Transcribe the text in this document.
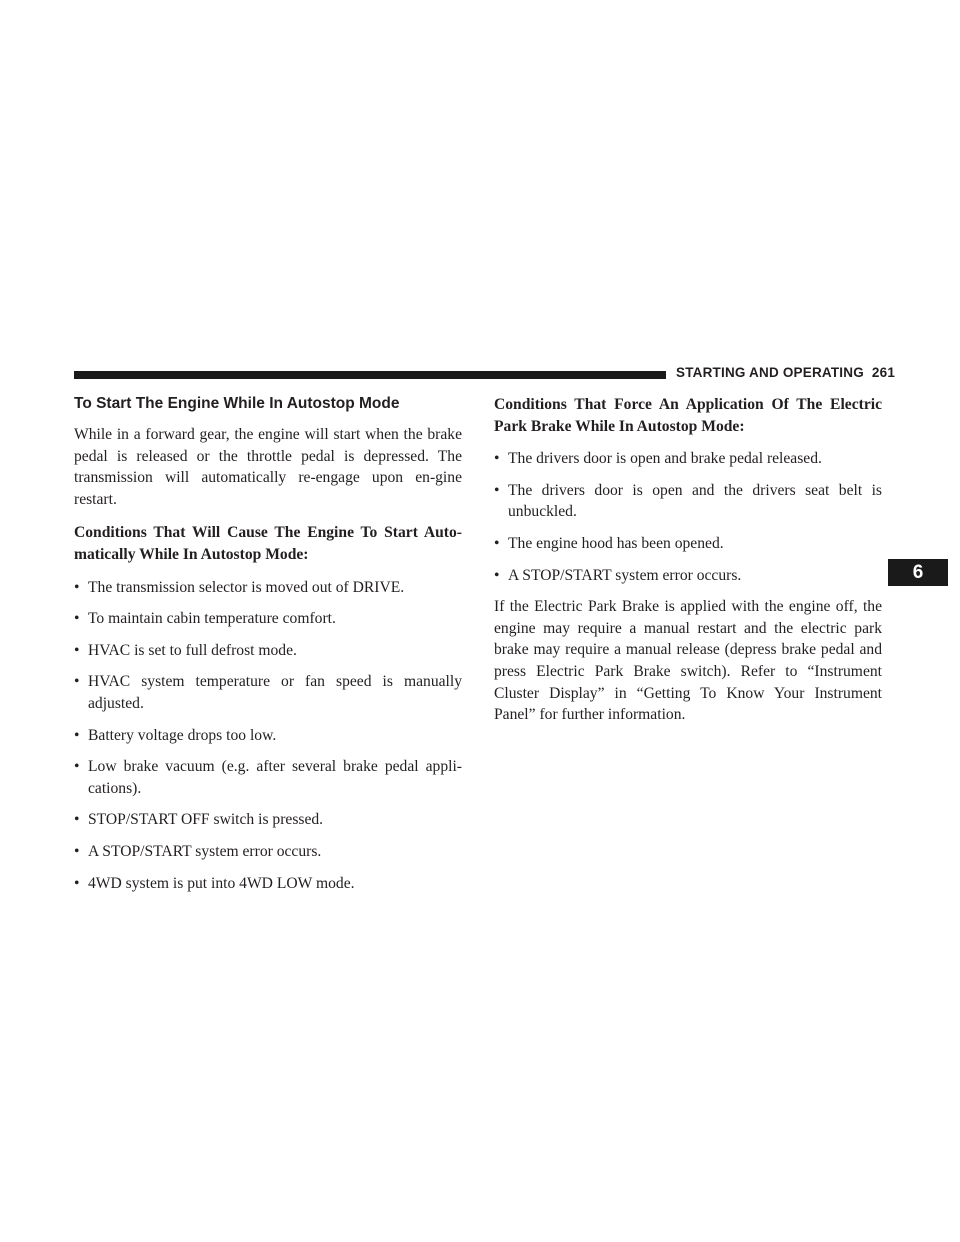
STARTING AND OPERATING 261
6
To Start The Engine While In Autostop Mode
While in a forward gear, the engine will start when the brake pedal is released or the throttle pedal is depressed. The transmission will automatically re-engage upon en-gine restart.
Conditions That Will Cause The Engine To Start Auto-matically While In Autostop Mode:
• The transmission selector is moved out of DRIVE.
• To maintain cabin temperature comfort.
• HVAC is set to full defrost mode.
• HVAC system temperature or fan speed is manually adjusted.
• Battery voltage drops too low.
• Low brake vacuum (e.g. after several brake pedal appli-cations).
• STOP/START OFF switch is pressed.
• A STOP/START system error occurs.
• 4WD system is put into 4WD LOW mode.
Conditions That Force An Application Of The Electric Park Brake While In Autostop Mode:
• The drivers door is open and brake pedal released.
• The drivers door is open and the drivers seat belt is unbuckled.
• The engine hood has been opened.
• A STOP/START system error occurs.
If the Electric Park Brake is applied with the engine off, the engine may require a manual restart and the electric park brake may require a manual release (depress brake pedal and press Electric Park Brake switch). Refer to “Instrument Cluster Display” in “Getting To Know Your Instrument Panel” for further information.
